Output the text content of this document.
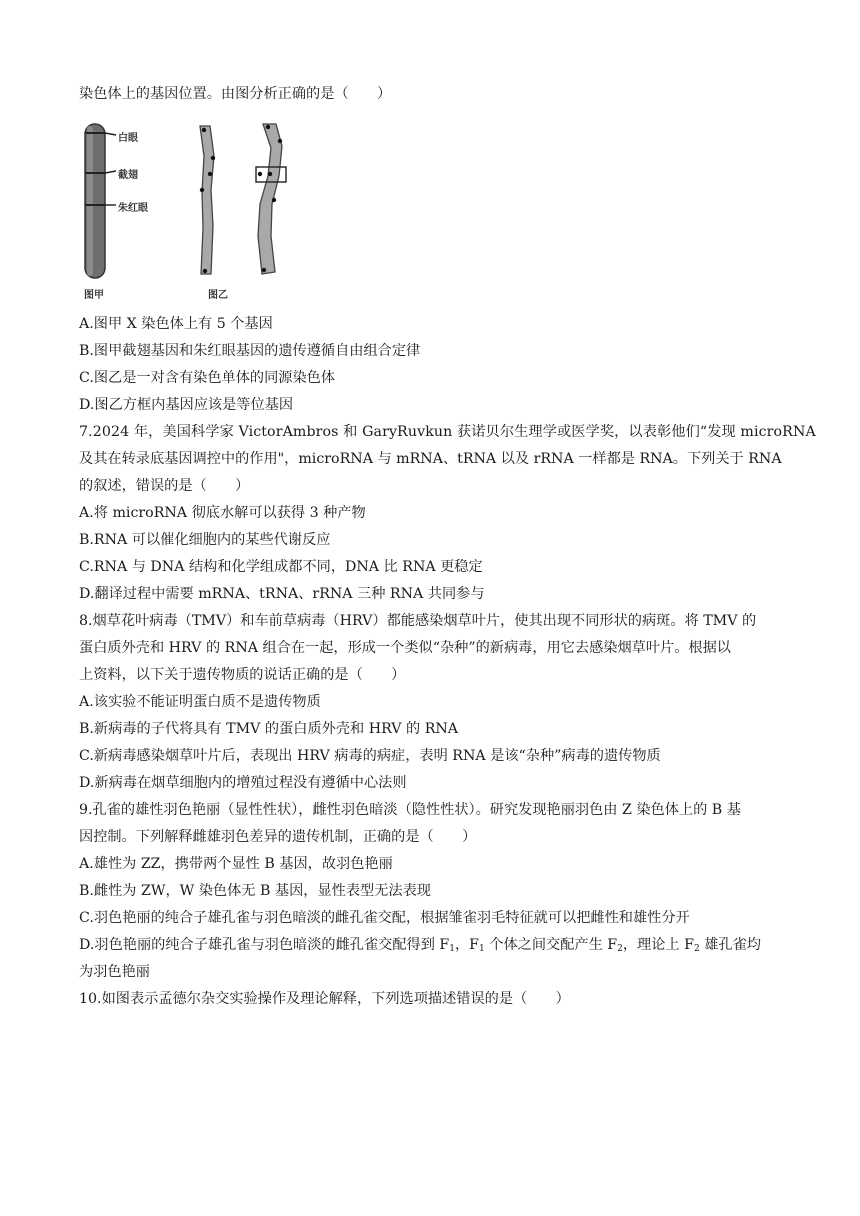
染色体上的基因位置。由图分析正确的是（　　）
白眼
截翅
朱红眼
图甲	图乙
A.图甲 X 染色体上有 5 个基因
B.图甲截翅基因和朱红眼基因的遗传遵循自由组合定律
C.图乙是一对含有染色单体的同源染色体
D.图乙方框内基因应该是等位基因
7.2024 年，美国科学家 VictorAmbros 和 GaryRuvkun 获诺贝尔生理学或医学奖，以表彰他们“发现 microRNA
及其在转录底基因调控中的作用"，microRNA 与 mRNA、tRNA 以及 rRNA 一样都是 RNA。下列关于 RNA
的叙述，错误的是（　　）
A.将 microRNA 彻底水解可以获得 3 种产物
B.RNA 可以催化细胞内的某些代谢反应
C.RNA 与 DNA 结构和化学组成都不同，DNA 比 RNA 更稳定
D.翻译过程中需要 mRNA、tRNA、rRNA 三种 RNA 共同参与
8.烟草花叶病毒（TMV）和车前草病毒（HRV）都能感染烟草叶片，使其出现不同形状的病斑。将 TMV 的
蛋白质外壳和 HRV 的 RNA 组合在一起，形成一个类似“杂种”的新病毒，用它去感染烟草叶片。根据以
上资料，以下关于遗传物质的说话正确的是（　　）
A.该实验不能证明蛋白质不是遗传物质
B.新病毒的子代将具有 TMV 的蛋白质外壳和 HRV 的 RNA
C.新病毒感染烟草叶片后，表现出 HRV 病毒的病症，表明 RNA 是该“杂种”病毒的遗传物质
D.新病毒在烟草细胞内的增殖过程没有遵循中心法则
9.孔雀的雄性羽色艳丽（显性性状），雌性羽色暗淡（隐性性状）。研究发现艳丽羽色由 Z 染色体上的 B 基
因控制。下列解释雌雄羽色差异的遗传机制，正确的是（　　）
A.雄性为 ZZ，携带两个显性 B 基因，故羽色艳丽
B.雌性为 ZW，W 染色体无 B 基因，显性表型无法表现
C.羽色艳丽的纯合子雄孔雀与羽色暗淡的雌孔雀交配，根据雏雀羽毛特征就可以把雌性和雄性分开
D.羽色艳丽的纯合子雄孔雀与羽色暗淡的雌孔雀交配得到 $F_1$，$F_1$ 个体之间交配产生 $F_2$，理论上 $F_2$ 雄孔雀均
为羽色艳丽
10.如图表示孟德尔杂交实验操作及理论解释，下列选项描述错误的是（　　）
